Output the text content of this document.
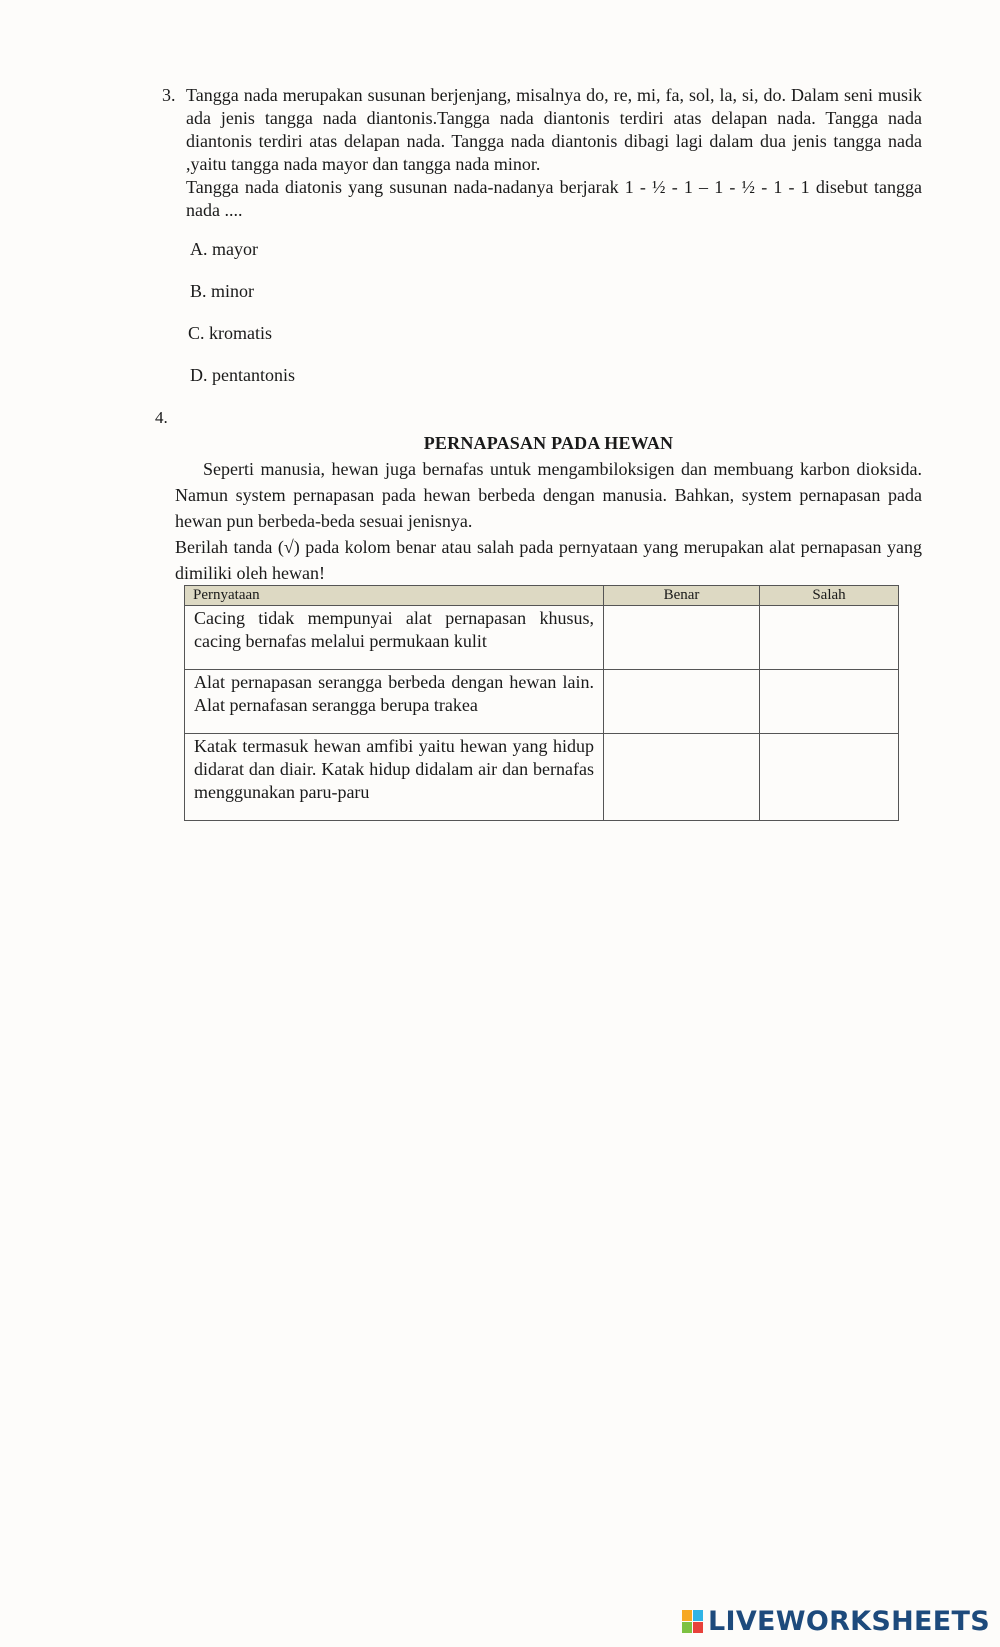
3. Tangga nada merupakan susunan berjenjang, misalnya do, re, mi, fa, sol, la, si, do. Dalam seni musik ada jenis tangga nada diantonis.Tangga nada diantonis terdiri atas delapan nada. Tangga nada diantonis terdiri atas delapan nada. Tangga nada diantonis dibagi lagi dalam dua jenis tangga nada ,yaitu tangga nada mayor dan tangga nada minor.

Tangga nada diatonis yang susunan nada-nadanya berjarak 1 - ½ - 1 – 1 - ½ - 1 - 1 disebut tangga nada ....

A. mayor
B. minor
C. kromatis
D. pentantonis
4.
PERNAPASAN PADA HEWAN

Seperti manusia, hewan juga bernafas untuk mengambiloksigen dan membuang karbon dioksida. Namun system pernapasan pada hewan berbeda dengan manusia. Bahkan, system pernapasan pada hewan pun berbeda-beda sesuai jenisnya.

Berilah tanda (√) pada kolom benar atau salah pada pernyataan yang merupakan alat pernapasan yang dimiliki oleh hewan!

Pernyataan	Benar	Salah
Cacing tidak mempunyai alat pernapasan khusus, cacing bernafas melalui permukaan kulit		
Alat pernapasan serangga berbeda dengan hewan lain. Alat pernafasan serangga berupa trakea		
Katak termasuk hewan amfibi yaitu hewan yang hidup didarat dan diair. Katak hidup didalam air dan bernafas menggunakan paru-paru		
LIVEWORKSHEETS
